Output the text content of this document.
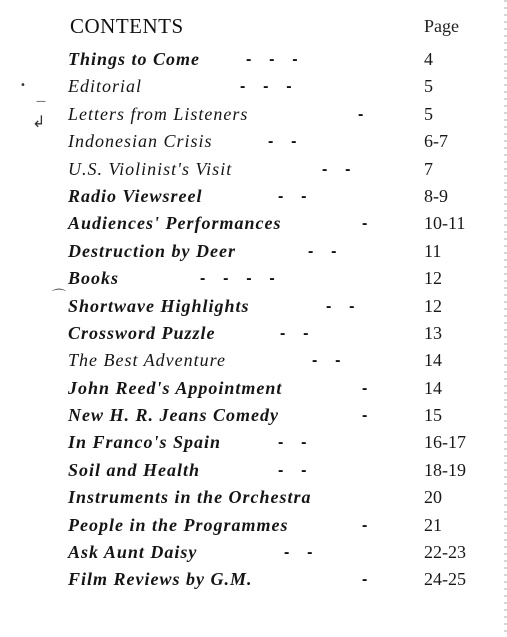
CONTENTS	Page
Things to Come	-    -    -	4
Editorial	-    -    -	5
Letters from Listeners	-	5
Indonesian Crisis	-    -	6-7
U.S. Violinist's Visit	-    -	7
Radio Viewsreel	-    -	8-9
Audiences' Performances	-	10-11
Destruction by Deer	-    -	11
Books	-    -    -    -	12
Shortwave Highlights	-    -	12
Crossword Puzzle	-    -	13
The Best Adventure	-    -	14
John Reed's Appointment	-	14
New H. R. Jeans Comedy	-	15
In Franco's Spain	-    -	16-17
Soil and Health	-    -	18-19
Instruments in the Orchestra	20
People in the Programmes	-	21
Ask Aunt Daisy	-    -	22-23
Film Reviews by G.M.	-	24-25
•
—
↲
⌒
